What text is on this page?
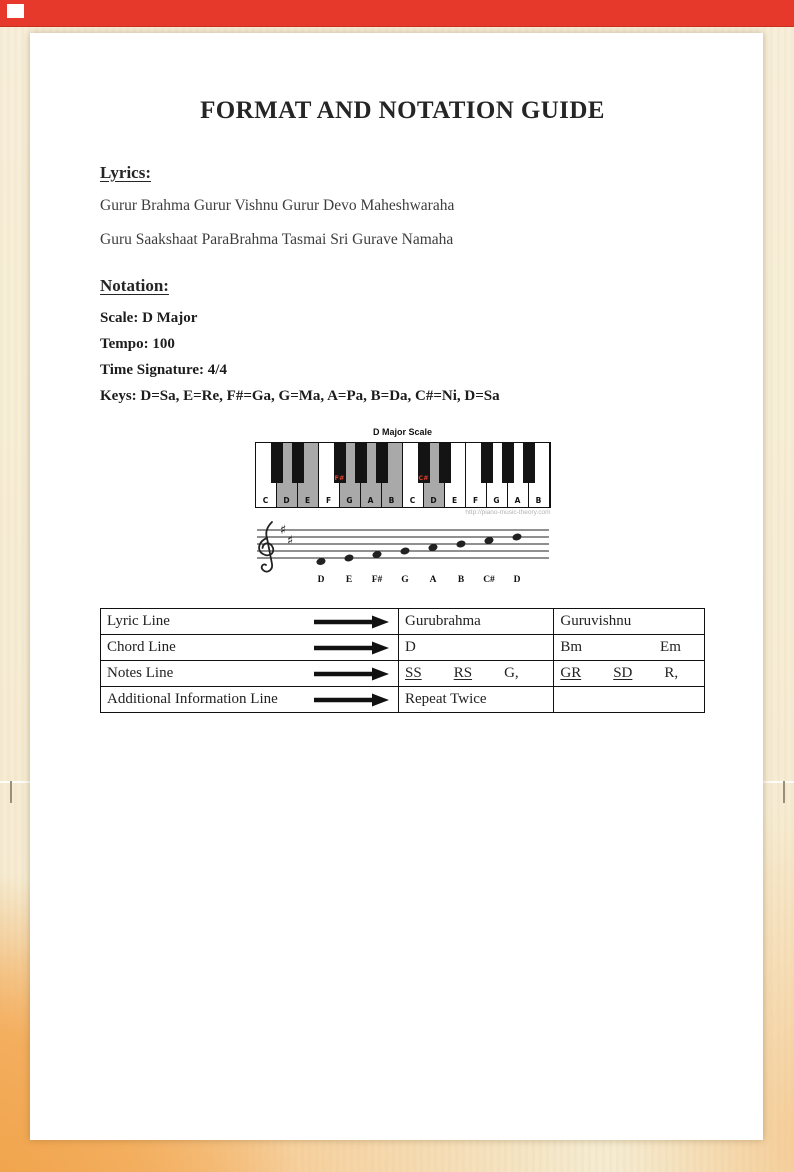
FORMAT AND NOTATION GUIDE
Lyrics:

Gurur Brahma Gurur Vishnu Gurur Devo Maheshwaraha

Guru Saakshaat ParaBrahma Tasmai Sri Gurave Namaha

Notation:

Scale: D Major

Tempo: 100

Time Signature: 4/4

Keys: D=Sa, E=Re, F#=Ga, G=Ma, A=Pa, B=Da, C#=Ni, D=Sa

D Major Scale
C D E F G A B C D E F G A B
F#	C#
http://piano-music-theory.com
♯
♯
D E F# G A B C# D
Lyric Line	Gurubrahma	Guruvishnu

Chord Line	D	Bm Em

Notes Line	SS RS G,	GR SD R,

Additional Information Line	Repeat Twice	
